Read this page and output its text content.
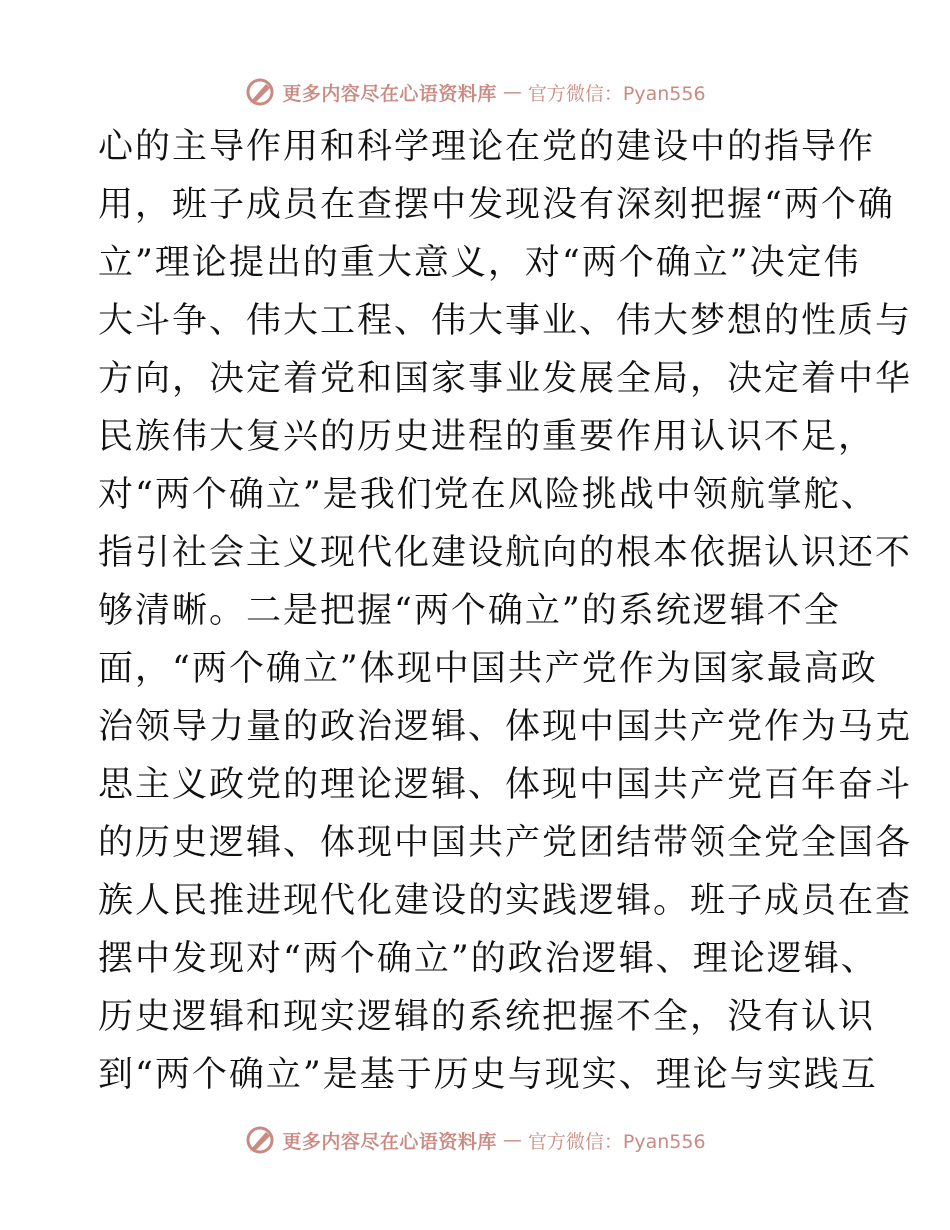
更多内容尽在心语资料库 — 官方微信：Pyan556
心的主导作用和科学理论在党的建设中的指导作
用，班子成员在查摆中发现没有深刻把握“两个确
立”理论提出的重大意义，对“两个确立”决定伟
大斗争、伟大工程、伟大事业、伟大梦想的性质与
方向，决定着党和国家事业发展全局，决定着中华
民族伟大复兴的历史进程的重要作用认识不足，
对“两个确立”是我们党在风险挑战中领航掌舵、
指引社会主义现代化建设航向的根本依据认识还不
够清晰。二是把握“两个确立”的系统逻辑不全
面，“两个确立”体现中国共产党作为国家最高政
治领导力量的政治逻辑、体现中国共产党作为马克
思主义政党的理论逻辑、体现中国共产党百年奋斗
的历史逻辑、体现中国共产党团结带领全党全国各
族人民推进现代化建设的实践逻辑。班子成员在查
摆中发现对“两个确立”的政治逻辑、理论逻辑、
历史逻辑和现实逻辑的系统把握不全，没有认识
到“两个确立”是基于历史与现实、理论与实践互
更多内容尽在心语资料库 — 官方微信：Pyan556
